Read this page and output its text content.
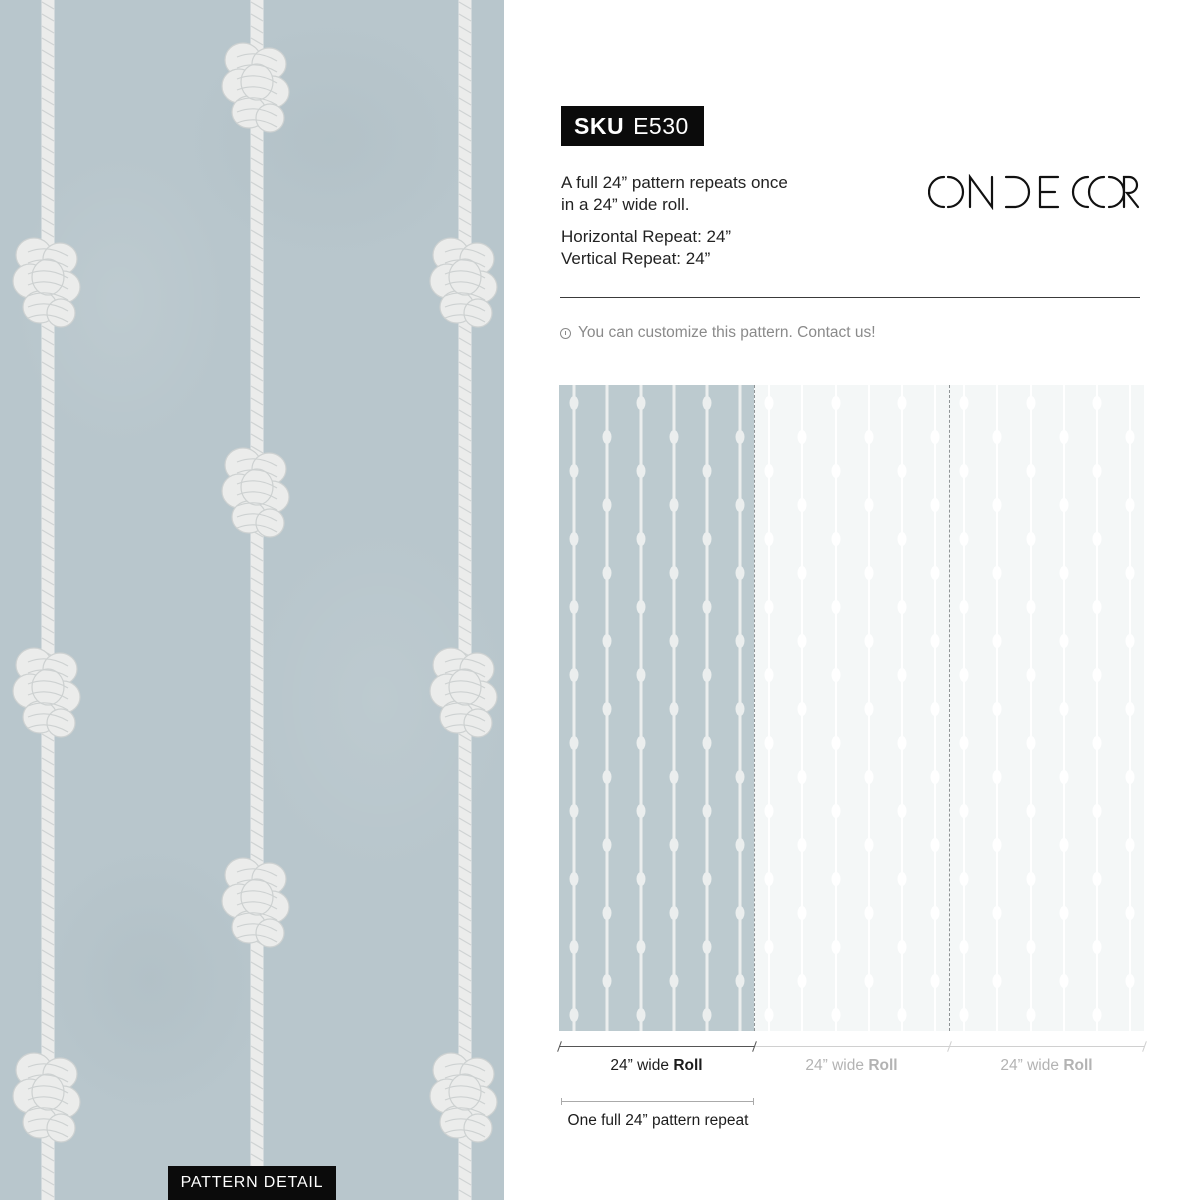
PATTERN DETAIL
SKU E530

A full 24” pattern repeats once

in a 24” wide roll.

Horizontal Repeat: 24”

Vertical Repeat: 24”

You can customize this pattern. Contact us!
24” wide Roll	24” wide Roll	24” wide Roll
One full 24” pattern repeat
